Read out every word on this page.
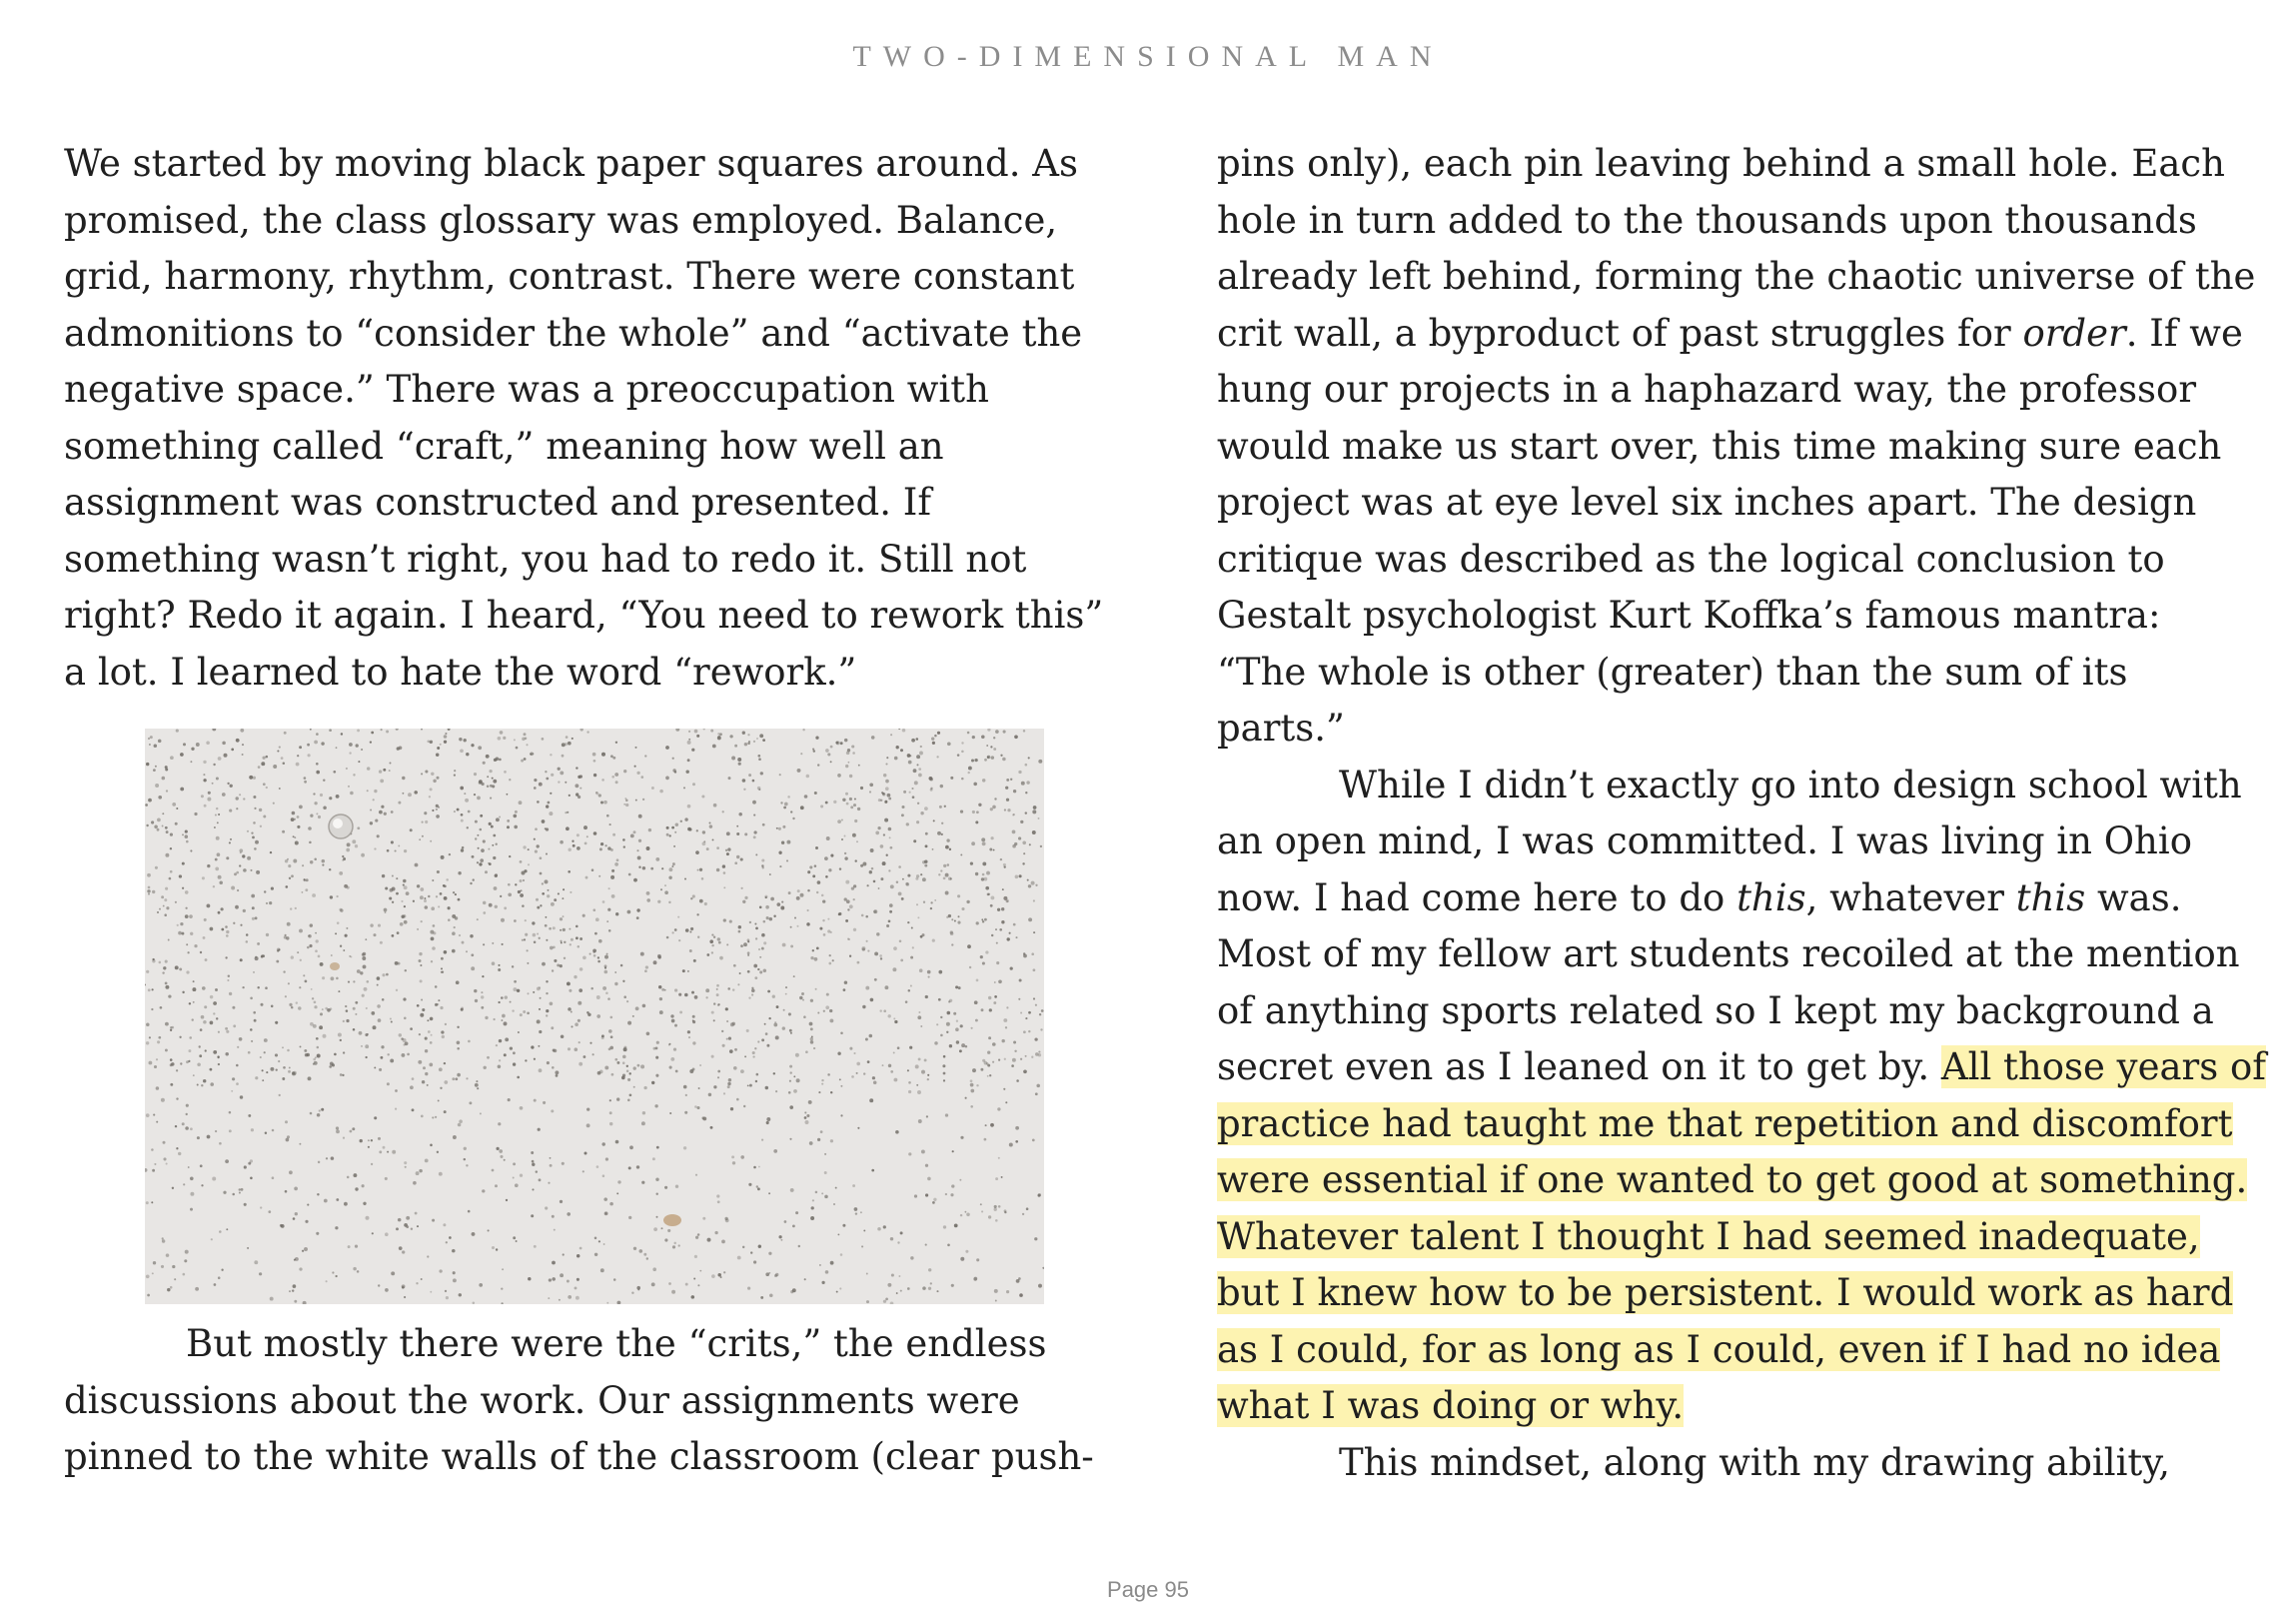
TWO-DIMENSIONAL MAN
We started by moving black paper squares around. As
promised, the class glossary was employed. Balance,
grid, harmony, rhythm, contrast. There were constant
admonitions to “consider the whole” and “activate the
negative space.” There was a preoccupation with
something called “craft,” meaning how well an
assignment was constructed and presented. If
something wasn’t right, you had to redo it. Still not
right? Redo it again. I heard, “You need to rework this”
a lot. I learned to hate the word “rework.”
But mostly there were the “crits,” the endless
discussions about the work. Our assignments were
pinned to the white walls of the classroom (clear push-
pins only), each pin leaving behind a small hole. Each
hole in turn added to the thousands upon thousands
already left behind, forming the chaotic universe of the
crit wall, a byproduct of past struggles for order. If we
hung our projects in a haphazard way, the professor
would make us start over, this time making sure each
project was at eye level six inches apart. The design
critique was described as the logical conclusion to
Gestalt psychologist Kurt Koffka’s famous mantra:
“The whole is other (greater) than the sum of its
parts.”
While I didn’t exactly go into design school with
an open mind, I was committed. I was living in Ohio
now. I had come here to do this, whatever this was.
Most of my fellow art students recoiled at the mention
of anything sports related so I kept my background a
secret even as I leaned on it to get by. All those years of
practice had taught me that repetition and discomfort
were essential if one wanted to get good at something.
Whatever talent I thought I had seemed inadequate,
but I knew how to be persistent. I would work as hard
as I could, for as long as I could, even if I had no idea
what I was doing or why.
This mindset, along with my drawing ability,
Page 95
